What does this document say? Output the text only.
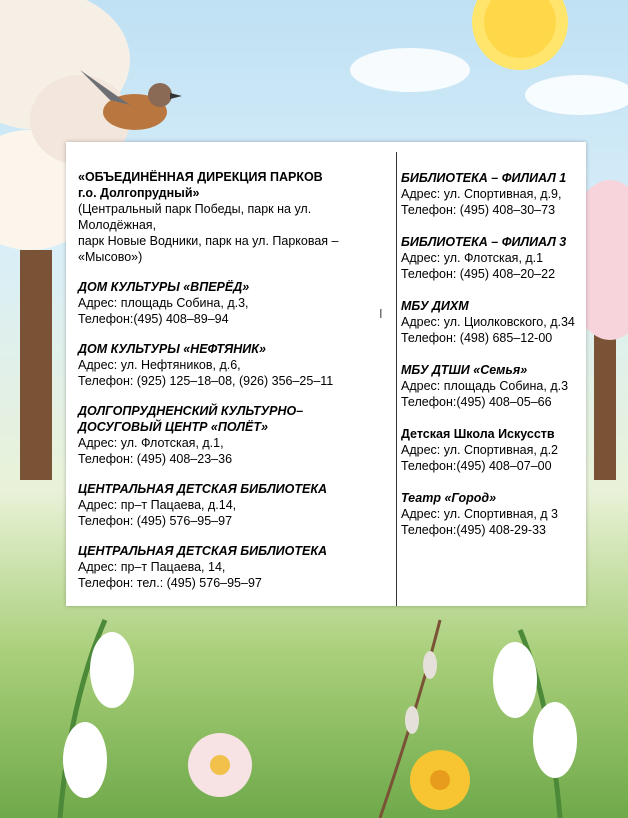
«ОБЪЕДИНЁННАЯ ДИРЕКЦИЯ ПАРКОВ
г.о. Долгопрудный»
(Центральный парк Победы, парк на ул.
Молодёжная,
парк Новые Водники, парк на ул. Парковая –
«Мысово»)
ДОМ КУЛЬТУРЫ «ВПЕРЁД»
Адрес: площадь Собина, д.3,
Телефон:(495) 408–89–94
ДОМ КУЛЬТУРЫ «НЕФТЯНИК»
Адрес: ул. Нефтяников, д.6,
Телефон: (925) 125–18–08, (926) 356–25–11
ДОЛГОПРУДНЕНСКИЙ КУЛЬТУРНО–
ДОСУГОВЫЙ ЦЕНТР «ПОЛЁТ»
Адрес: ул. Флотская, д.1,
Телефон: (495) 408–23–36
ЦЕНТРАЛЬНАЯ ДЕТСКАЯ БИБЛИОТЕКА
Адрес: пр–т Пацаева, д.14,
Телефон: (495) 576–95–97
ЦЕНТРАЛЬНАЯ ДЕТСКАЯ БИБЛИОТЕКА
Адрес: пр–т Пацаева, 14,
Телефон: тел.: (495) 576–95–97
БИБЛИОТЕКА – ФИЛИАЛ 1
Адрес: ул. Спортивная, д.9,
Телефон: (495) 408–30–73
БИБЛИОТЕКА – ФИЛИАЛ 3
Адрес: ул. Флотская, д.1
Телефон: (495) 408–20–22
МБУ ДИХМ
Адрес: ул. Циолковского, д.34
Телефон: (498) 685–12-00
МБУ ДТШИ «Семья»
Адрес: площадь Собина, д.3
Телефон:(495) 408–05–66
Детская Школа Искусств
Адрес: ул. Спортивная, д.2
Телефон:(495) 408–07–00
Театр «Город»
Адрес: ул. Спортивная, д 3
Телефон:(495) 408-29-33
I
